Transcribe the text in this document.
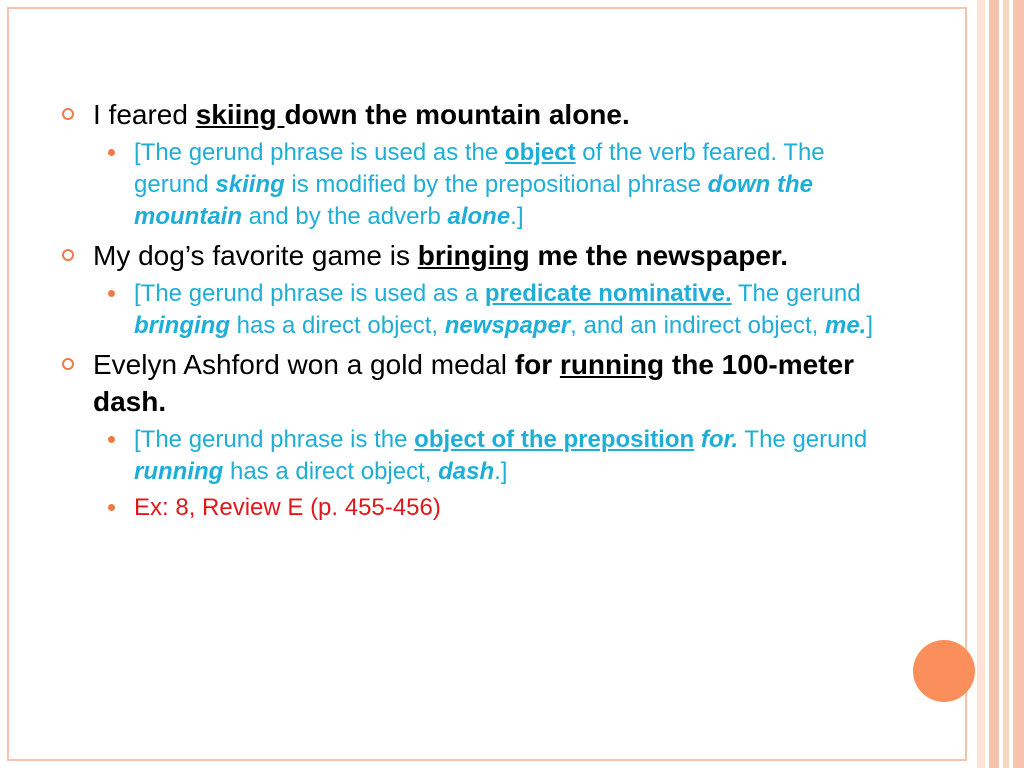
I feared skiing down the mountain alone.
[The gerund phrase is used as the object of the verb feared. The gerund skiing is modified by the prepositional phrase down the mountain and by the adverb alone.]
My dog’s favorite game is bringing me the newspaper.
[The gerund phrase is used as a predicate nominative. The gerund bringing has a direct object, newspaper, and an indirect object, me.]
Evelyn Ashford won a gold medal for running the 100-meter dash.
[The gerund phrase is the object of the preposition for. The gerund running has a direct object, dash.]
Ex: 8, Review E (p. 455-456)
